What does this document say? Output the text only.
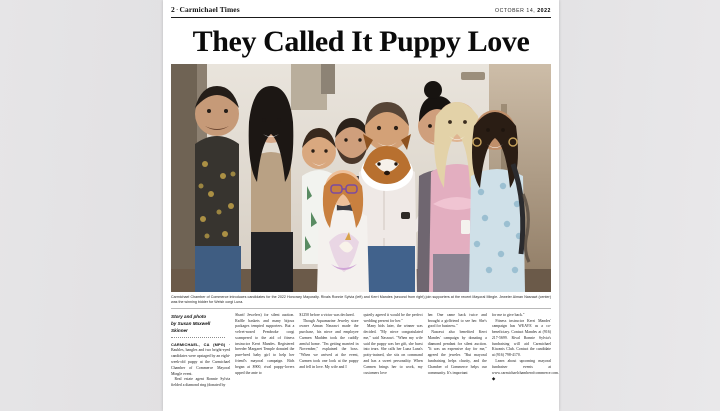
2·Carmichael Times	OCTOBER 14, 2022
They Called It Puppy Love
Carmichael Chamber of Commerce introduces candidates for the 2022 Honorary Mayoralty. Rivals Ronnie Sylvia (left) and Kerri Mandes (second from right) join supporters at the recent Mayoral Mingle. Jeweler Aiman Nasrawi (center) was the winning bidder for Welsh corgi Luna.
Story and photo
by Susan Maxwell
Skinner

CARMICHAEL, CA (MPG) - Baubles, bangles and two bright-eyed candidates were upstaged by an eight-week-old puppy at the Carmichael Chamber of Commerce Mayoral Mingle event.

Real estate agent Ronnie Sylvia fielded a diamond ring (donated by

Sharif Jewelers) for silent auction. Raffle baskets and many bijoux packages tempted supporters. But a velvet-nosed Pembroke corgi scampered to the aid of fitness instructor Kerri Mandes. Registered breeder Margaret Temple donated the pure-bred baby girl to help her friend's mayoral campaign. Bids began at $900, rival puppy-lovers upped the ante to

$1250 before a victor was declared.

Though Aquamarine Jewelry store owner Aiman Nasrawi made the purchase, his niece and employee Carmen Madden took the cuddly armful home. "I'm getting married in November," explained the boss. "When we arrived at the event, Carmen took one look at the puppy and fell in love. My wife and I

quietly agreed it would be the perfect wedding present for her."

Many bids later, the winner was decided. "My niece congratulated me," said Nasrawi. "When my wife said the puppy was her gift, she burst into tears. She calls her Luna Luna's potty-trained, she sits on command and has a sweet personality. When Carmen brings her to work, my customers love

her. One came back twice and brought a girlfriend to see her. She's good for business."

Nasrawi also benefited Kerri Mandes' campaign by donating a diamond pendant for silent auction. "It was an expensive day for me," agreed the jeweler. "But mayoral fundraising helps charity, and the Chamber of Commerce helps our community. It's important

for me to give back."

Fitness instructor Kerri Mandes' campaign has WEAVE as a co-beneficiary. Contact Mandes at (916) 217-5699. Rival Ronnie Sylvia's fundraising will aid Carmichael Kiwanis Club. Contact the candidate at (916) 798-4170.

Learn about upcoming mayoral fundraiser events at www.carmichaelchamberofcommerce.com. ◆
